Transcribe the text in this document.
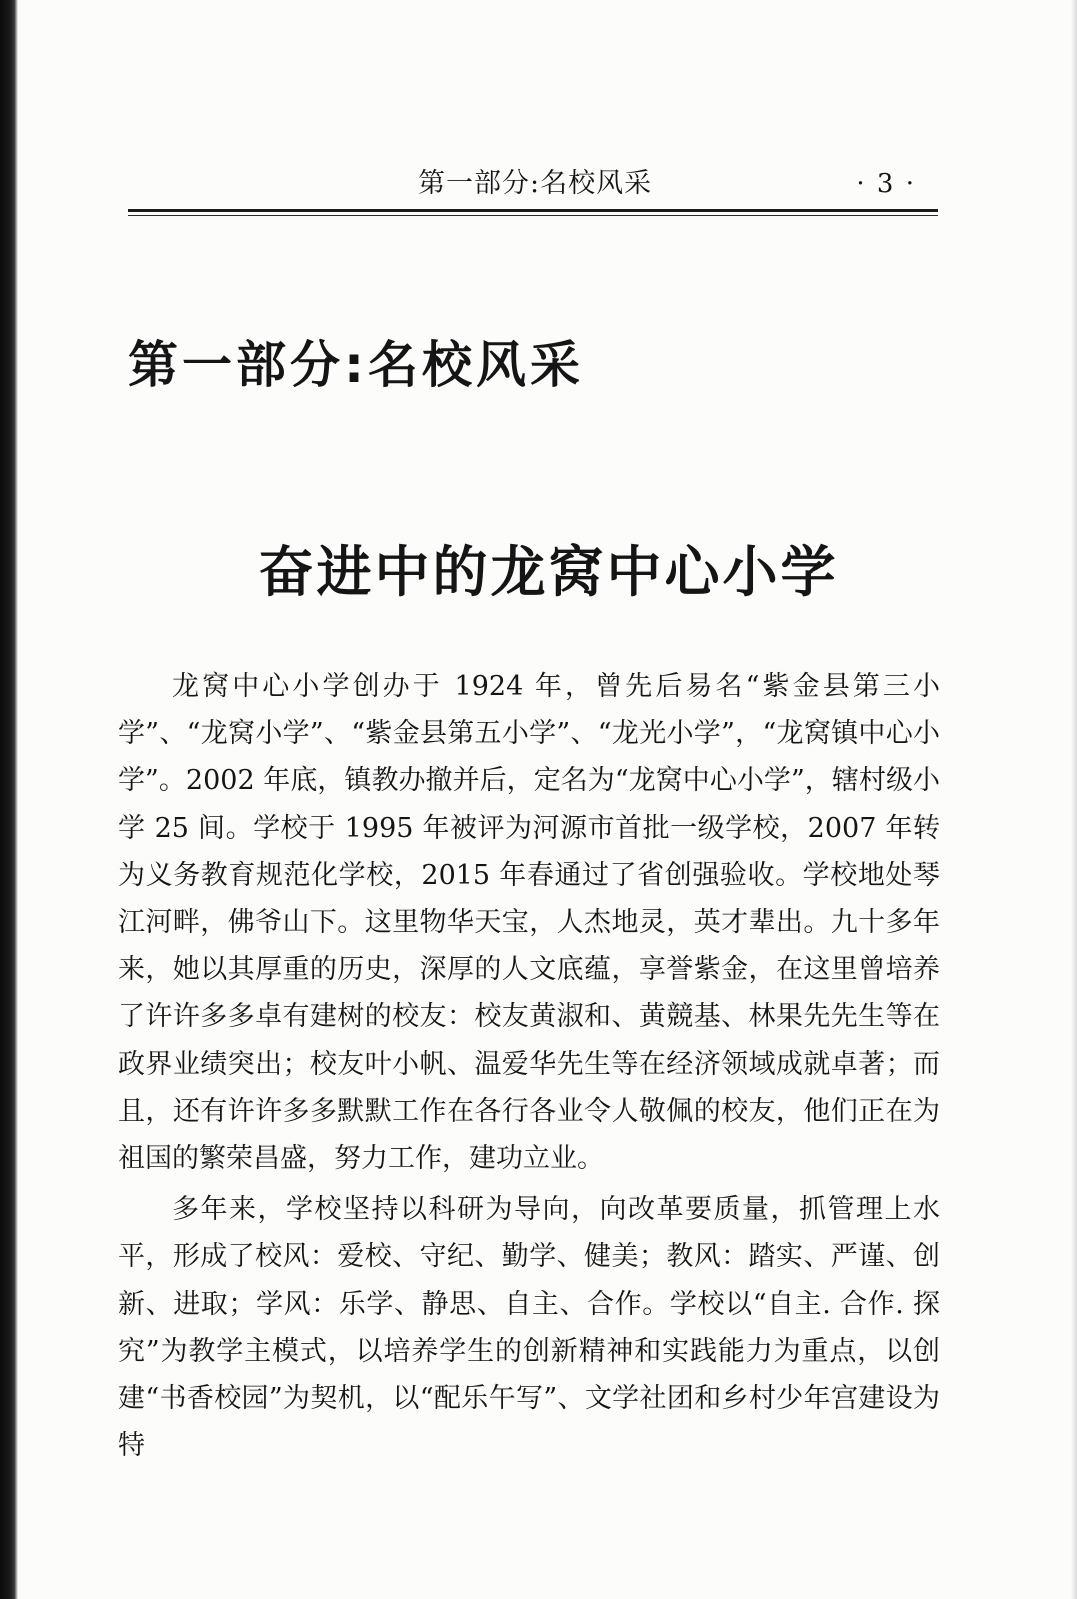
第一部分:名校风采	· 3 ·
第一部分:名校风采
奋进中的龙窝中心小学

龙窝中心小学创办于 1924 年，曾先后易名“紫金县第三小学”、“龙窝小学”、“紫金县第五小学”、“龙光小学”，“龙窝镇中心小学”。2002 年底，镇教办撤并后，定名为“龙窝中心小学”，辖村级小学 25 间。学校于 1995 年被评为河源市首批一级学校，2007 年转为义务教育规范化学校，2015 年春通过了省创强验收。学校地处琴江河畔，佛爷山下。这里物华天宝，人杰地灵，英才辈出。九十多年来，她以其厚重的历史，深厚的人文底蕴，享誉紫金，在这里曾培养了许许多多卓有建树的校友：校友黄淑和、黄競基、林果先先生等在政界业绩突出；校友叶小帆、温爱华先生等在经济领域成就卓著；而且，还有许许多多默默工作在各行各业令人敬佩的校友，他们正在为祖国的繁荣昌盛，努力工作，建功立业。

多年来，学校坚持以科研为导向，向改革要质量，抓管理上水平，形成了校风：爱校、守纪、勤学、健美；教风：踏实、严谨、创新、进取；学风：乐学、静思、自主、合作。学校以“自主. 合作. 探究”为教学主模式，以培养学生的创新精神和实践能力为重点，以创建“书香校园”为契机，以“配乐午写”、文学社团和乡村少年宫建设为特
